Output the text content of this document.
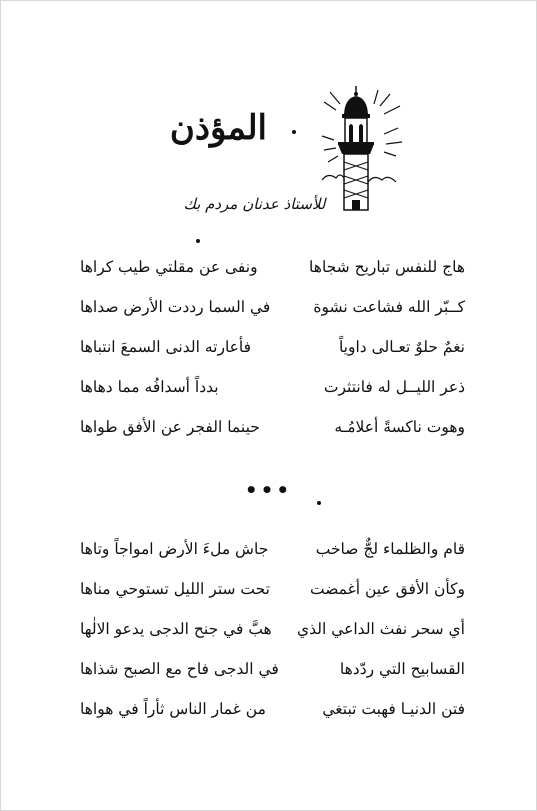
المؤذن
للأستاذ عدنان مردم بك
هاج للنفس تباريح شجاها
ونفى عن مقلتي طيب كراها
كــبّر الله فشاعت نشوة
في السما رددت الأرض صداها
نغمٌ حلوٌ تعـالى داوياً
فأعارته الدنى السمعَ انتباها
ذعر الليــل له فانتثرت
بدداً أسدافُه مما دهاها
وهوت ناكسةً أعلامُـه
حينما الفجر عن الأفق طواها
•••
قام والظلماء لجٌّ صاخب
جاش ملءَ الأرض امواجاً وتاها
وكأن الأفق عين أغمضت
تحت ستر الليل تستوحي مناها
أي سحر نفث الداعي الذي
هبَّ في جنح الدجى يدعو الالٰها
القسابيح التي ردّدها
في الدجى فاح مع الصبح شذاها
فتن الدنيـا فهبت تبتغي
من غمار الناس ثأراً في هواها
